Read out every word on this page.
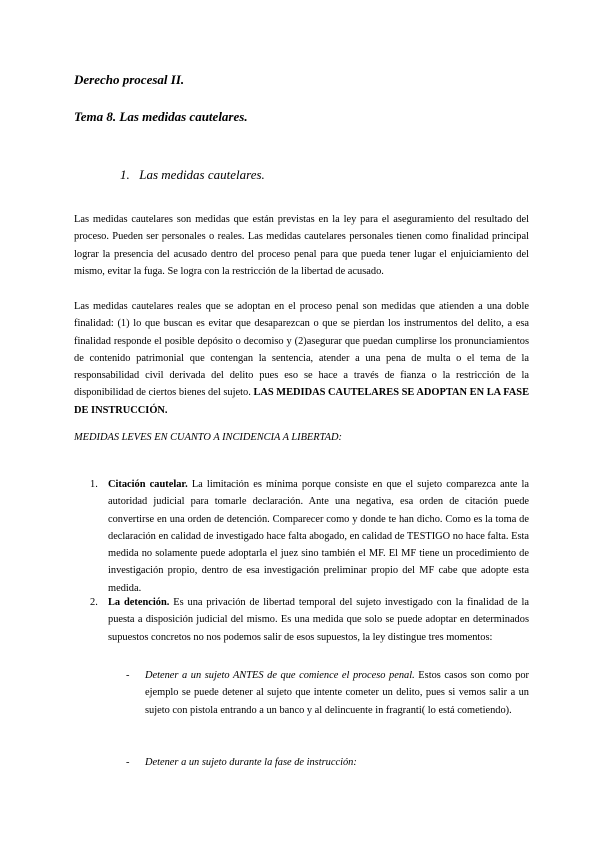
Derecho procesal II.

Tema 8. Las medidas cautelares.

1. Las medidas cautelares.

Las medidas cautelares son medidas que están previstas en la ley para el aseguramiento del resultado del proceso. Pueden ser personales o reales. Las medidas cautelares personales tienen como finalidad principal lograr la presencia del acusado dentro del proceso penal para que pueda tener lugar el enjuiciamiento del mismo, evitar la fuga. Se logra con la restricción de la libertad de acusado.

Las medidas cautelares reales que se adoptan en el proceso penal son medidas que atienden a una doble finalidad: (1) lo que buscan es evitar que desaparezcan o que se pierdan los instrumentos del delito, a esa finalidad responde el posible depósito o decomiso y (2)asegurar que puedan cumplirse los pronunciamientos de contenido patrimonial que contengan la sentencia, atender a una pena de multa o el tema de la responsabilidad civil derivada del delito pues eso se hace a través de fianza o la restricción de la disponibilidad de ciertos bienes del sujeto. LAS MEDIDAS CAUTELARES SE ADOPTAN EN LA FASE DE INSTRUCCIÓN.

MEDIDAS LEVES EN CUANTO A INCIDENCIA A LIBERTAD:

1. Citación cautelar. La limitación es mínima porque consiste en que el sujeto comparezca ante la autoridad judicial para tomarle declaración. Ante una negativa, esa orden de citación puede convertirse en una orden de detención. Comparecer como y donde te han dicho. Como es la toma de declaración en calidad de investigado hace falta abogado, en calidad de TESTIGO no hace falta. Esta medida no solamente puede adoptarla el juez sino también el MF. El MF tiene un procedimiento de investigación propio, dentro de esa investigación preliminar propio del MF cabe que adopte esta medida.
2. La detención. Es una privación de libertad temporal del sujeto investigado con la finalidad de la puesta a disposición judicial del mismo. Es una medida que solo se puede adoptar en determinados supuestos concretos no nos podemos salir de esos supuestos, la ley distingue tres momentos:
- Detener a un sujeto ANTES de que comience el proceso penal. Estos casos son como por ejemplo se puede detener al sujeto que intente cometer un delito, pues si vemos salir a un sujeto con pistola entrando a un banco y al delincuente in fragranti( lo está cometiendo).
- Detener a un sujeto durante la fase de instrucción:
